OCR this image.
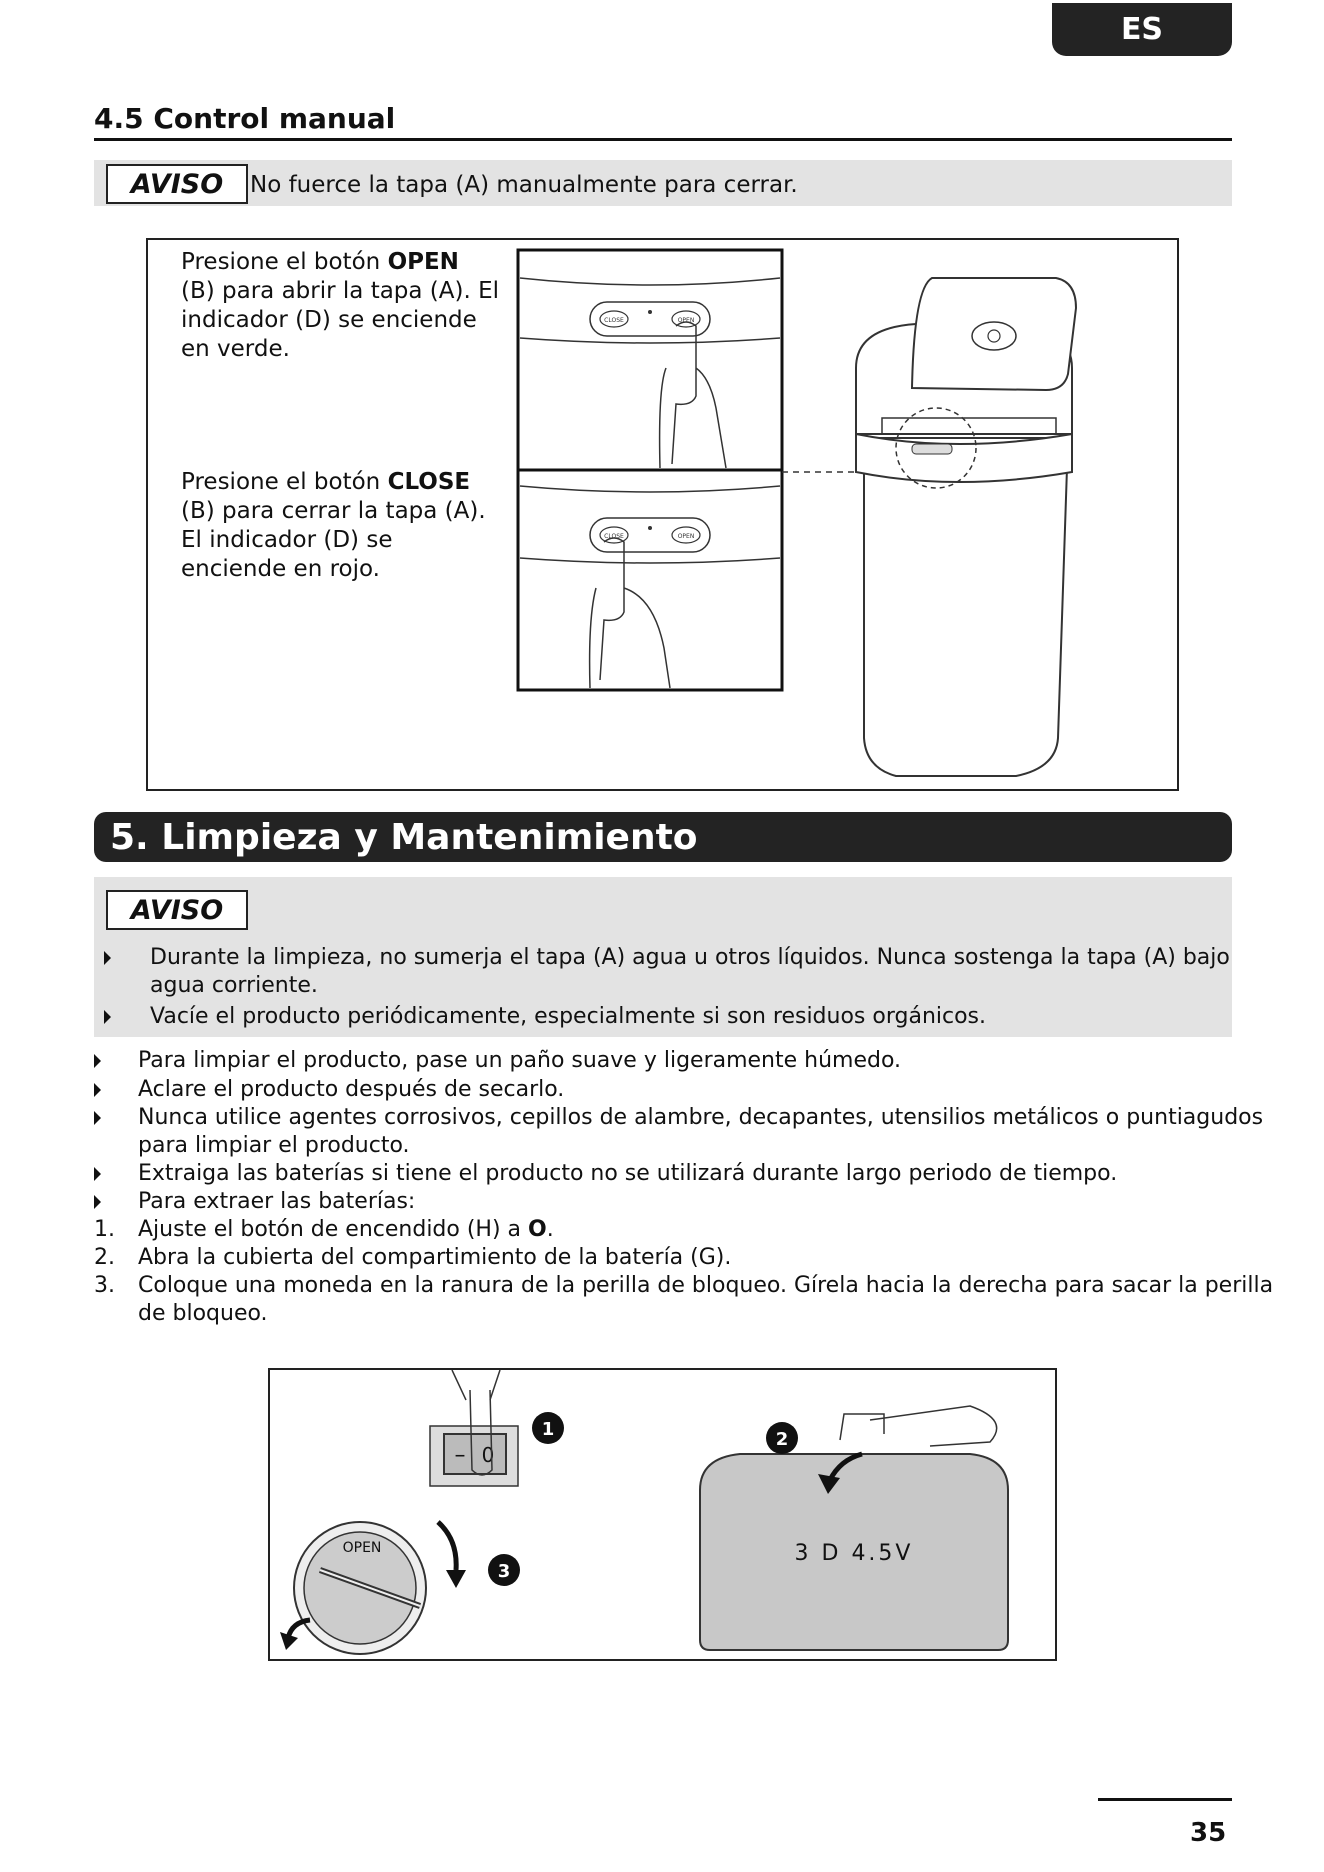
ES
4.5 Control manual
AVISO	No fuerce la tapa (A) manualmente para cerrar.
Presione el botón OPEN
(B) para abrir la tapa (A). El indicador (D) se enciende en verde.
Presione el botón CLOSE
(B) para cerrar la tapa (A). El indicador (D) se enciende en rojo.
CLOSE	OPEN
CLOSE	OPEN
5. Limpieza y Mantenimiento
AVISO
Durante la limpieza, no sumerja el tapa (A) agua u otros líquidos. Nunca sostenga la tapa (A) bajo
agua corriente.
Vacíe el producto periódicamente, especialmente si son residuos orgánicos.
Para limpiar el producto, pase un paño suave y ligeramente húmedo.
Aclare el producto después de secarlo.
Nunca utilice agentes corrosivos, cepillos de alambre, decapantes, utensilios metálicos o puntiagudos
para limpiar el producto.
Extraiga las baterías si tiene el producto no se utilizará durante largo periodo de tiempo.
Para extraer las baterías:
1. Ajuste el botón de encendido (H) a O.
2. Abra la cubierta del compartimiento de la batería (G).
3. Coloque una moneda en la ranura de la perilla de bloqueo. Gírela hacia la derecha para sacar la perilla
de bloqueo.
– 0
OPEN	3 D 4.5V
1	2
3
35
